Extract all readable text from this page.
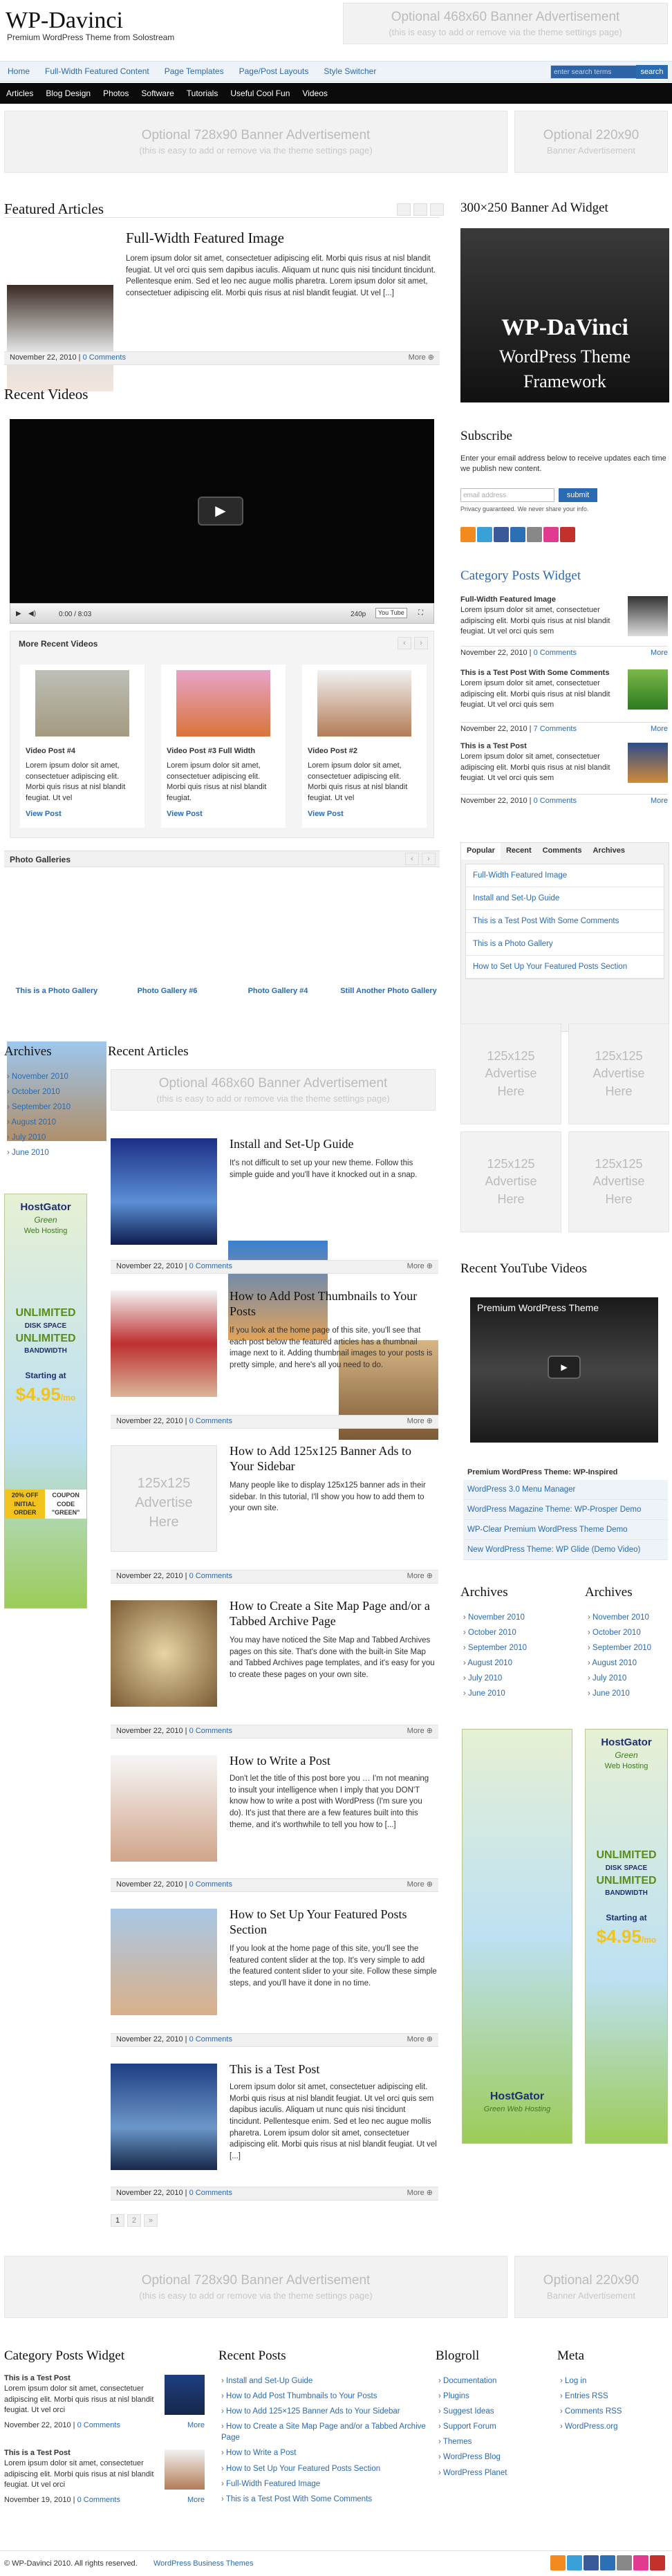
WP-Davinci
Premium WordPress Theme from Solostream
Optional 468x60 Banner Advertisement
(this is easy to add or remove via the theme settings page)
Home	Full-Width Featured Content	Page Templates	Page/Post Layouts	Style Switcher	enter search terms	search
Articles	Blog Design	Photos	Software	Tutorials	Useful Cool Fun	Videos
Optional 728x90 Banner Advertisement
(this is easy to add or remove via the theme settings page)
Optional 220x90
Banner Advertisement
Featured Articles
Full-Width Featured Image
Lorem ipsum dolor sit amet, consectetuer adipiscing elit. Morbi quis risus at nisl blandit feugiat. Ut vel orci quis sem dapibus iaculis. Aliquam ut nunc quis nisi tincidunt tincidunt. Pellentesque enim. Sed et leo nec augue mollis pharetra. Lorem ipsum dolor sit amet, consectetuer adipiscing elit. Morbi quis risus at nisl blandit feugiat. Ut vel [...]
November 22, 2010 | 0 Comments	More ⊕
300×250 Banner Ad Widget
WP-DaVinci
WordPress Theme
Framework
Recent Videos
▶
▶ ◀)	0:00 / 8:03	240p	You Tube	⛶
More Recent Videos	‹	›
Video Post #4
Lorem ipsum dolor sit amet, consectetuer adipiscing elit. Morbi quis risus at nisl blandit feugiat. Ut vel
View Post
Video Post #3 Full Width
Lorem ipsum dolor sit amet, consectetuer adipiscing elit. Morbi quis risus at nisl blandit feugiat.
View Post
Video Post #2
Lorem ipsum dolor sit amet, consectetuer adipiscing elit. Morbi quis risus at nisl blandit feugiat. Ut vel
View Post
Subscribe
Enter your email address below to receive updates each time we publish new content.
email address	submit
Privacy guaranteed. We never share your info.
Category Posts Widget
Full-Width Featured Image
Lorem ipsum dolor sit amet, consectetuer adipiscing elit. Morbi quis risus at nisl blandit feugiat. Ut vel orci quis sem
November 22, 2010 | 0 Comments	More
This is a Test Post With Some Comments
Lorem ipsum dolor sit amet, consectetuer adipiscing elit. Morbi quis risus at nisl blandit feugiat. Ut vel orci quis sem
November 22, 2010 | 7 Comments	More
This is a Test Post
Lorem ipsum dolor sit amet, consectetuer adipiscing elit. Morbi quis risus at nisl blandit feugiat. Ut vel orci quis sem
November 22, 2010 | 0 Comments	More
Photo Galleries	‹	›
This is a Photo Gallery	Photo Gallery #6	Photo Gallery #4	Still Another Photo Gallery
Popular	Recent	Comments	Archives
Full-Width Featured Image
Install and Set-Up Guide
This is a Test Post With Some Comments
This is a Photo Gallery
How to Set Up Your Featured Posts Section
Archives
› November 2010
› October 2010
› September 2010
› August 2010
› July 2010
› June 2010
HostGator
Green
Web Hosting
UNLIMITED
DISK SPACE
UNLIMITED
BANDWIDTH
Starting at
$4.95/mo
20% OFF
INITIAL ORDER
COUPON CODE
"GREEN"
Recent Articles
Optional 468x60 Banner Advertisement
(this is easy to add or remove via the theme settings page)
Install and Set-Up Guide
It's not difficult to set up your new theme. Follow this simple guide and you'll have it knocked out in a snap.
November 22, 2010 | 0 Comments	More ⊕
How to Add Post Thumbnails to Your Posts
If you look at the home page of this site, you'll see that each post below the featured articles has a thumbnail image next to it. Adding thumbnail images to your posts is pretty simple, and here's all you need to do.
November 22, 2010 | 0 Comments	More ⊕
125x125
Advertise
Here
How to Add 125x125 Banner Ads to Your Sidebar
Many people like to display 125x125 banner ads in their sidebar. In this tutorial, I'll show you how to add them to your own site.
November 22, 2010 | 0 Comments	More ⊕
How to Create a Site Map Page and/or a Tabbed Archive Page
You may have noticed the Site Map and Tabbed Archives pages on this site. That's done with the built-in Site Map and Tabbed Archives page templates, and it's easy for you to create these pages on your own site.
November 22, 2010 | 0 Comments	More ⊕
How to Write a Post
Don't let the title of this post bore you … I'm not meaning to insult your intelligence when I imply that you DON'T know how to write a post with WordPress (I'm sure you do). It's just that there are a few features built into this theme, and it's worthwhile to tell you how to [...]
November 22, 2010 | 0 Comments	More ⊕
How to Set Up Your Featured Posts Section
If you look at the home page of this site, you'll see the featured content slider at the top. It's very simple to add the featured content slider to your site. Follow these simple steps, and you'll have it done in no time.
November 22, 2010 | 0 Comments	More ⊕
This is a Test Post
Lorem ipsum dolor sit amet, consectetuer adipiscing elit. Morbi quis risus at nisl blandit feugiat. Ut vel orci quis sem dapibus iaculis. Aliquam ut nunc quis nisi tincidunt tincidunt. Pellentesque enim. Sed et leo nec augue mollis pharetra. Lorem ipsum dolor sit amet, consectetuer adipiscing elit. Morbi quis risus at nisl blandit feugiat. Ut vel [...]
November 22, 2010 | 0 Comments	More ⊕
1	2	»
125x125
Advertise
Here
125x125
Advertise
Here
125x125
Advertise
Here
125x125
Advertise
Here
Recent YouTube Videos
Premium WordPress Theme
▶
Premium WordPress Theme: WP-Inspired
WordPress 3.0 Menu Manager
WordPress Magazine Theme: WP-Prosper Demo
WP-Clear Premium WordPress Theme Demo
New WordPress Theme: WP Glide (Demo Video)
Archives
› November 2010
› October 2010
› September 2010
› August 2010
› July 2010
› June 2010
Archives
› November 2010
› October 2010
› September 2010
› August 2010
› July 2010
› June 2010
HostGator
Green Web Hosting
HostGator
Green
Web Hosting
UNLIMITED
DISK SPACE
UNLIMITED
BANDWIDTH
Starting at
$4.95/mo
Optional 728x90 Banner Advertisement
(this is easy to add or remove via the theme settings page)
Optional 220x90
Banner Advertisement
Category Posts Widget
This is a Test Post
Lorem ipsum dolor sit amet, consectetuer adipiscing elit. Morbi quis risus at nisl blandit feugiat. Ut vel orci
November 22, 2010 | 0 Comments	More
This is a Test Post
Lorem ipsum dolor sit amet, consectetuer adipiscing elit. Morbi quis risus at nisl blandit feugiat. Ut vel orci
November 19, 2010 | 0 Comments	More
Recent Posts
› Install and Set-Up Guide
› How to Add Post Thumbnails to Your Posts
› How to Add 125×125 Banner Ads to Your Sidebar
› How to Create a Site Map Page and/or a Tabbed Archive Page
› How to Write a Post
› How to Set Up Your Featured Posts Section
› Full-Width Featured Image
› This is a Test Post With Some Comments
Blogroll
› Documentation
› Plugins
› Suggest Ideas
› Support Forum
› Themes
› WordPress Blog
› WordPress Planet
Meta
› Log in
› Entries RSS
› Comments RSS
› WordPress.org
© WP-Davinci 2010. All rights reserved. WordPress Business Themes
